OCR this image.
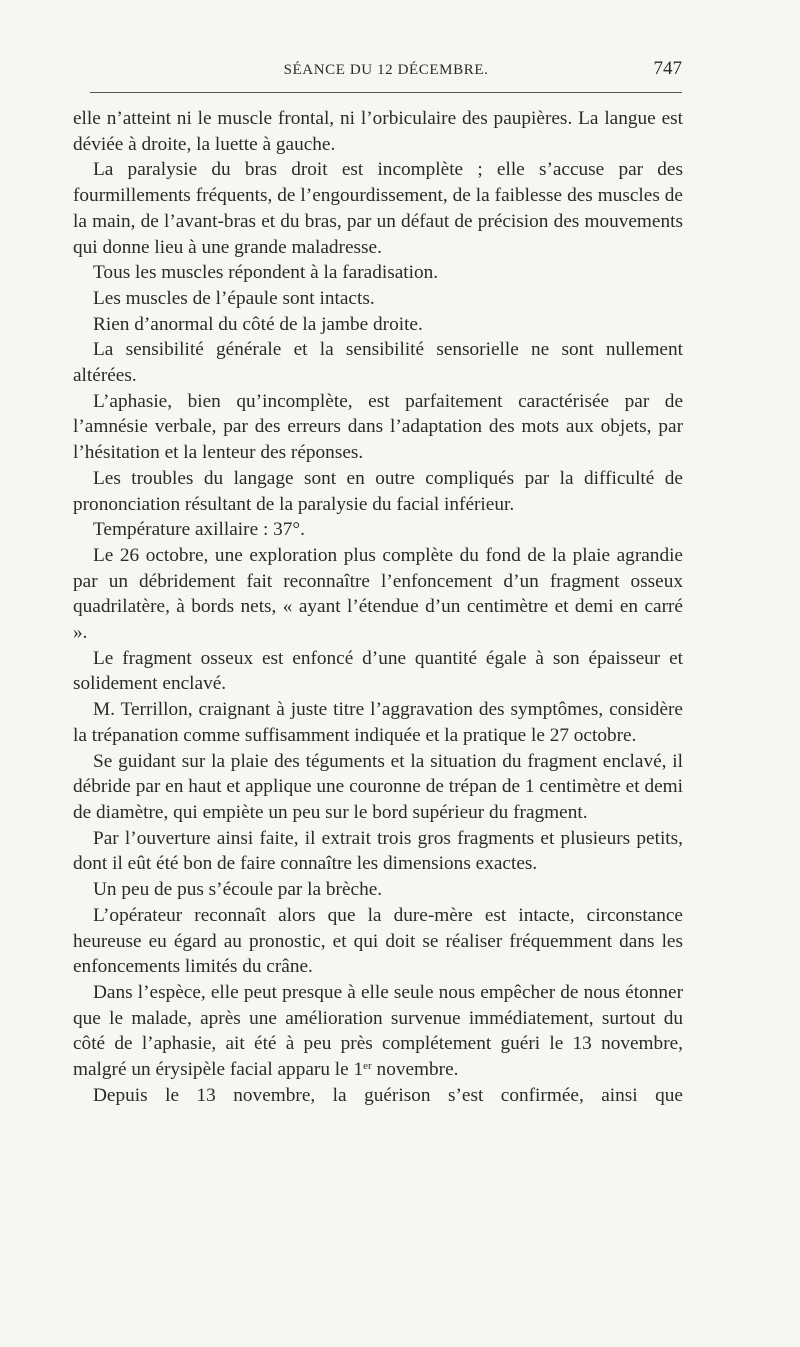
SÉANCE DU 12 DÉCEMBRE.	747

elle n’atteint ni le muscle frontal, ni l’orbiculaire des paupières. La langue est déviée à droite, la luette à gauche.

La paralysie du bras droit est incomplète ; elle s’accuse par des fourmillements fréquents, de l’engourdissement, de la faiblesse des muscles de la main, de l’avant-bras et du bras, par un défaut de précision des mouvements qui donne lieu à une grande maladresse.

Tous les muscles répondent à la faradisation.

Les muscles de l’épaule sont intacts.

Rien d’anormal du côté de la jambe droite.

La sensibilité générale et la sensibilité sensorielle ne sont nullement altérées.

L’aphasie, bien qu’incomplète, est parfaitement caractérisée par de l’amnésie verbale, par des erreurs dans l’adaptation des mots aux objets, par l’hésitation et la lenteur des réponses.

Les troubles du langage sont en outre compliqués par la difficulté de prononciation résultant de la paralysie du facial inférieur.

Température axillaire : 37°.

Le 26 octobre, une exploration plus complète du fond de la plaie agrandie par un débridement fait reconnaître l’enfoncement d’un fragment osseux quadrilatère, à bords nets, « ayant l’étendue d’un centimètre et demi en carré ».

Le fragment osseux est enfoncé d’une quantité égale à son épaisseur et solidement enclavé.

M. Terrillon, craignant à juste titre l’aggravation des symptômes, considère la trépanation comme suffisamment indiquée et la pratique le 27 octobre.

Se guidant sur la plaie des téguments et la situation du fragment enclavé, il débride par en haut et applique une couronne de trépan de 1 centimètre et demi de diamètre, qui empiète un peu sur le bord supérieur du fragment.

Par l’ouverture ainsi faite, il extrait trois gros fragments et plusieurs petits, dont il eût été bon de faire connaître les dimensions exactes.

Un peu de pus s’écoule par la brèche.

L’opérateur reconnaît alors que la dure-mère est intacte, circonstance heureuse eu égard au pronostic, et qui doit se réaliser fréquemment dans les enfoncements limités du crâne.

Dans l’espèce, elle peut presque à elle seule nous empêcher de nous étonner que le malade, après une amélioration survenue immédiatement, surtout du côté de l’aphasie, ait été à peu près complétement guéri le 13 novembre, malgré un érysipèle facial apparu le 1er novembre.

Depuis le 13 novembre, la guérison s’est confirmée, ainsi que
